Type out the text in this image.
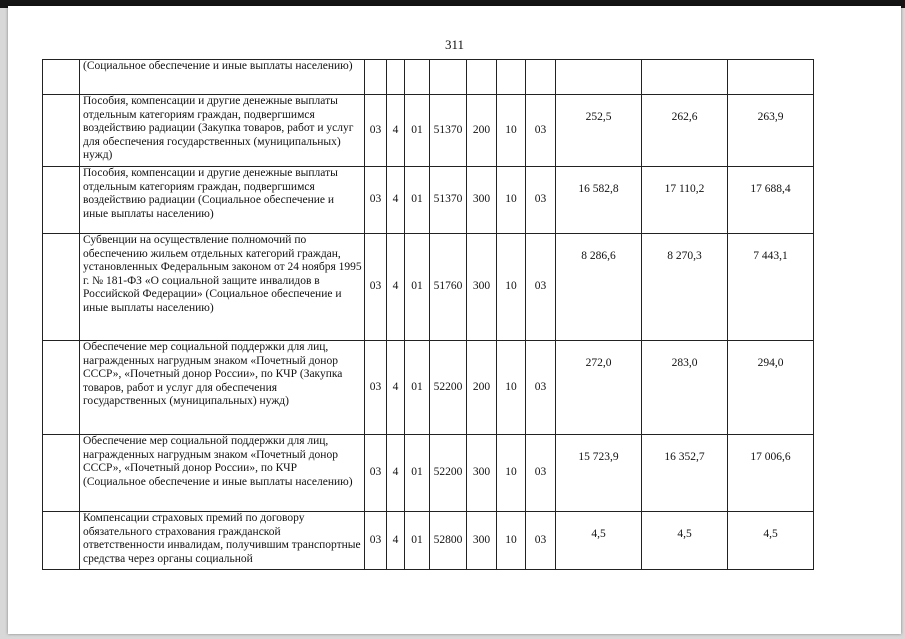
311
	(Социальное обеспечение и иные выплаты населению)										
	Пособия, компенсации и другие денежные выплаты отдельным категориям граждан, подвергшимся воздействию радиации (Закупка товаров, работ и услуг для обеспечения государственных (муниципальных) нужд)	03	4	01	51370	200	10	03	252,5	262,6	263,9
	Пособия, компенсации и другие денежные выплаты отдельным категориям граждан, подвергшимся воздействию радиации (Социальное обеспечение и иные выплаты населению)	03	4	01	51370	300	10	03	16 582,8	17 110,2	17 688,4
	Субвенции на осуществление полномочий по обеспечению жильем отдельных категорий граждан, установленных Федеральным законом от 24 ноября 1995 г. № 181-ФЗ «О социальной защите инвалидов в Российской Федерации» (Социальное обеспечение и иные выплаты населению)	03	4	01	51760	300	10	03	8 286,6	8 270,3	7 443,1
	Обеспечение мер социальной поддержки для лиц, награжденных нагрудным знаком «Почетный донор СССР», «Почетный донор России», по КЧР (Закупка товаров, работ и услуг для обеспечения государственных (муниципальных) нужд)	03	4	01	52200	200	10	03	272,0	283,0	294,0
	Обеспечение мер социальной поддержки для лиц, награжденных нагрудным знаком «Почетный донор СССР», «Почетный донор России», по КЧР (Социальное обеспечение и иные выплаты населению)	03	4	01	52200	300	10	03	15 723,9	16 352,7	17 006,6
	Компенсации страховых премий по договору обязательного страхования гражданской ответственности инвалидам, получившим транспортные средства через органы социальной	03	4	01	52800	300	10	03	4,5	4,5	4,5
